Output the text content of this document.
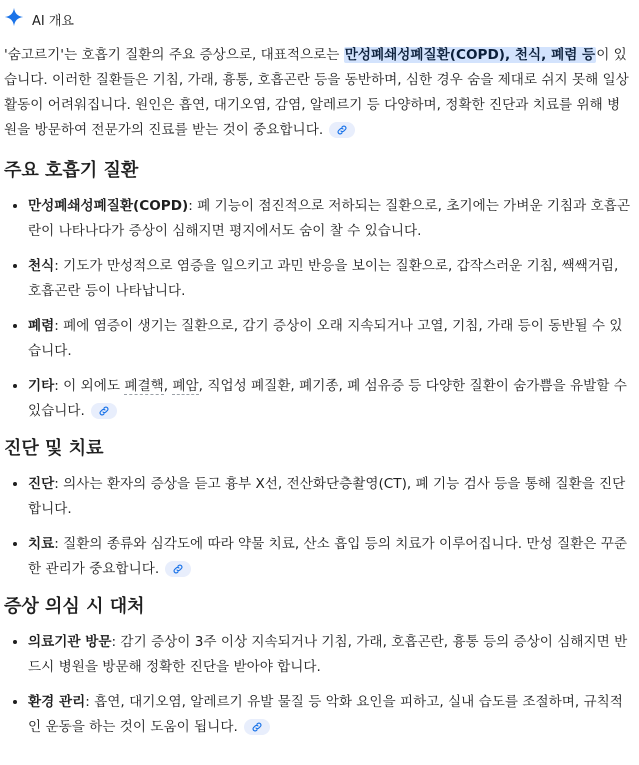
AI 개요

'숨고르기'는 호흡기 질환의 주요 증상으로, 대표적으로는 만성폐쇄성폐질환(COPD), 천식, 폐렴 등이 있습니다. 이러한 질환들은 기침, 가래, 흉통, 호흡곤란 등을 동반하며, 심한 경우 숨을 제대로 쉬지 못해 일상 활동이 어려워집니다. 원인은 흡연, 대기오염, 감염, 알레르기 등 다양하며, 정확한 진단과 치료를 위해 병원을 방문하여 전문가의 진료를 받는 것이 중요합니다.

주요 호흡기 질환
• 만성폐쇄성폐질환(COPD): 폐 기능이 점진적으로 저하되는 질환으로, 초기에는 가벼운 기침과 호흡곤란이 나타나다가 증상이 심해지면 평지에서도 숨이 찰 수 있습니다.
• 천식: 기도가 만성적으로 염증을 일으키고 과민 반응을 보이는 질환으로, 갑작스러운 기침, 쌕쌕거림, 호흡곤란 등이 나타납니다.
• 폐렴: 폐에 염증이 생기는 질환으로, 감기 증상이 오래 지속되거나 고열, 기침, 가래 등이 동반될 수 있습니다.
• 기타: 이 외에도 폐결핵, 폐암, 직업성 폐질환, 폐기종, 폐 섬유증 등 다양한 질환이 숨가쁨을 유발할 수 있습니다.
진단 및 치료
• 진단: 의사는 환자의 증상을 듣고 흉부 X선, 전산화단층촬영(CT), 폐 기능 검사 등을 통해 질환을 진단합니다.
• 치료: 질환의 종류와 심각도에 따라 약물 치료, 산소 흡입 등의 치료가 이루어집니다. 만성 질환은 꾸준한 관리가 중요합니다.
증상 의심 시 대처
• 의료기관 방문: 감기 증상이 3주 이상 지속되거나 기침, 가래, 호흡곤란, 흉통 등의 증상이 심해지면 반드시 병원을 방문해 정확한 진단을 받아야 합니다.
• 환경 관리: 흡연, 대기오염, 알레르기 유발 물질 등 악화 요인을 피하고, 실내 습도를 조절하며, 규칙적인 운동을 하는 것이 도움이 됩니다.
